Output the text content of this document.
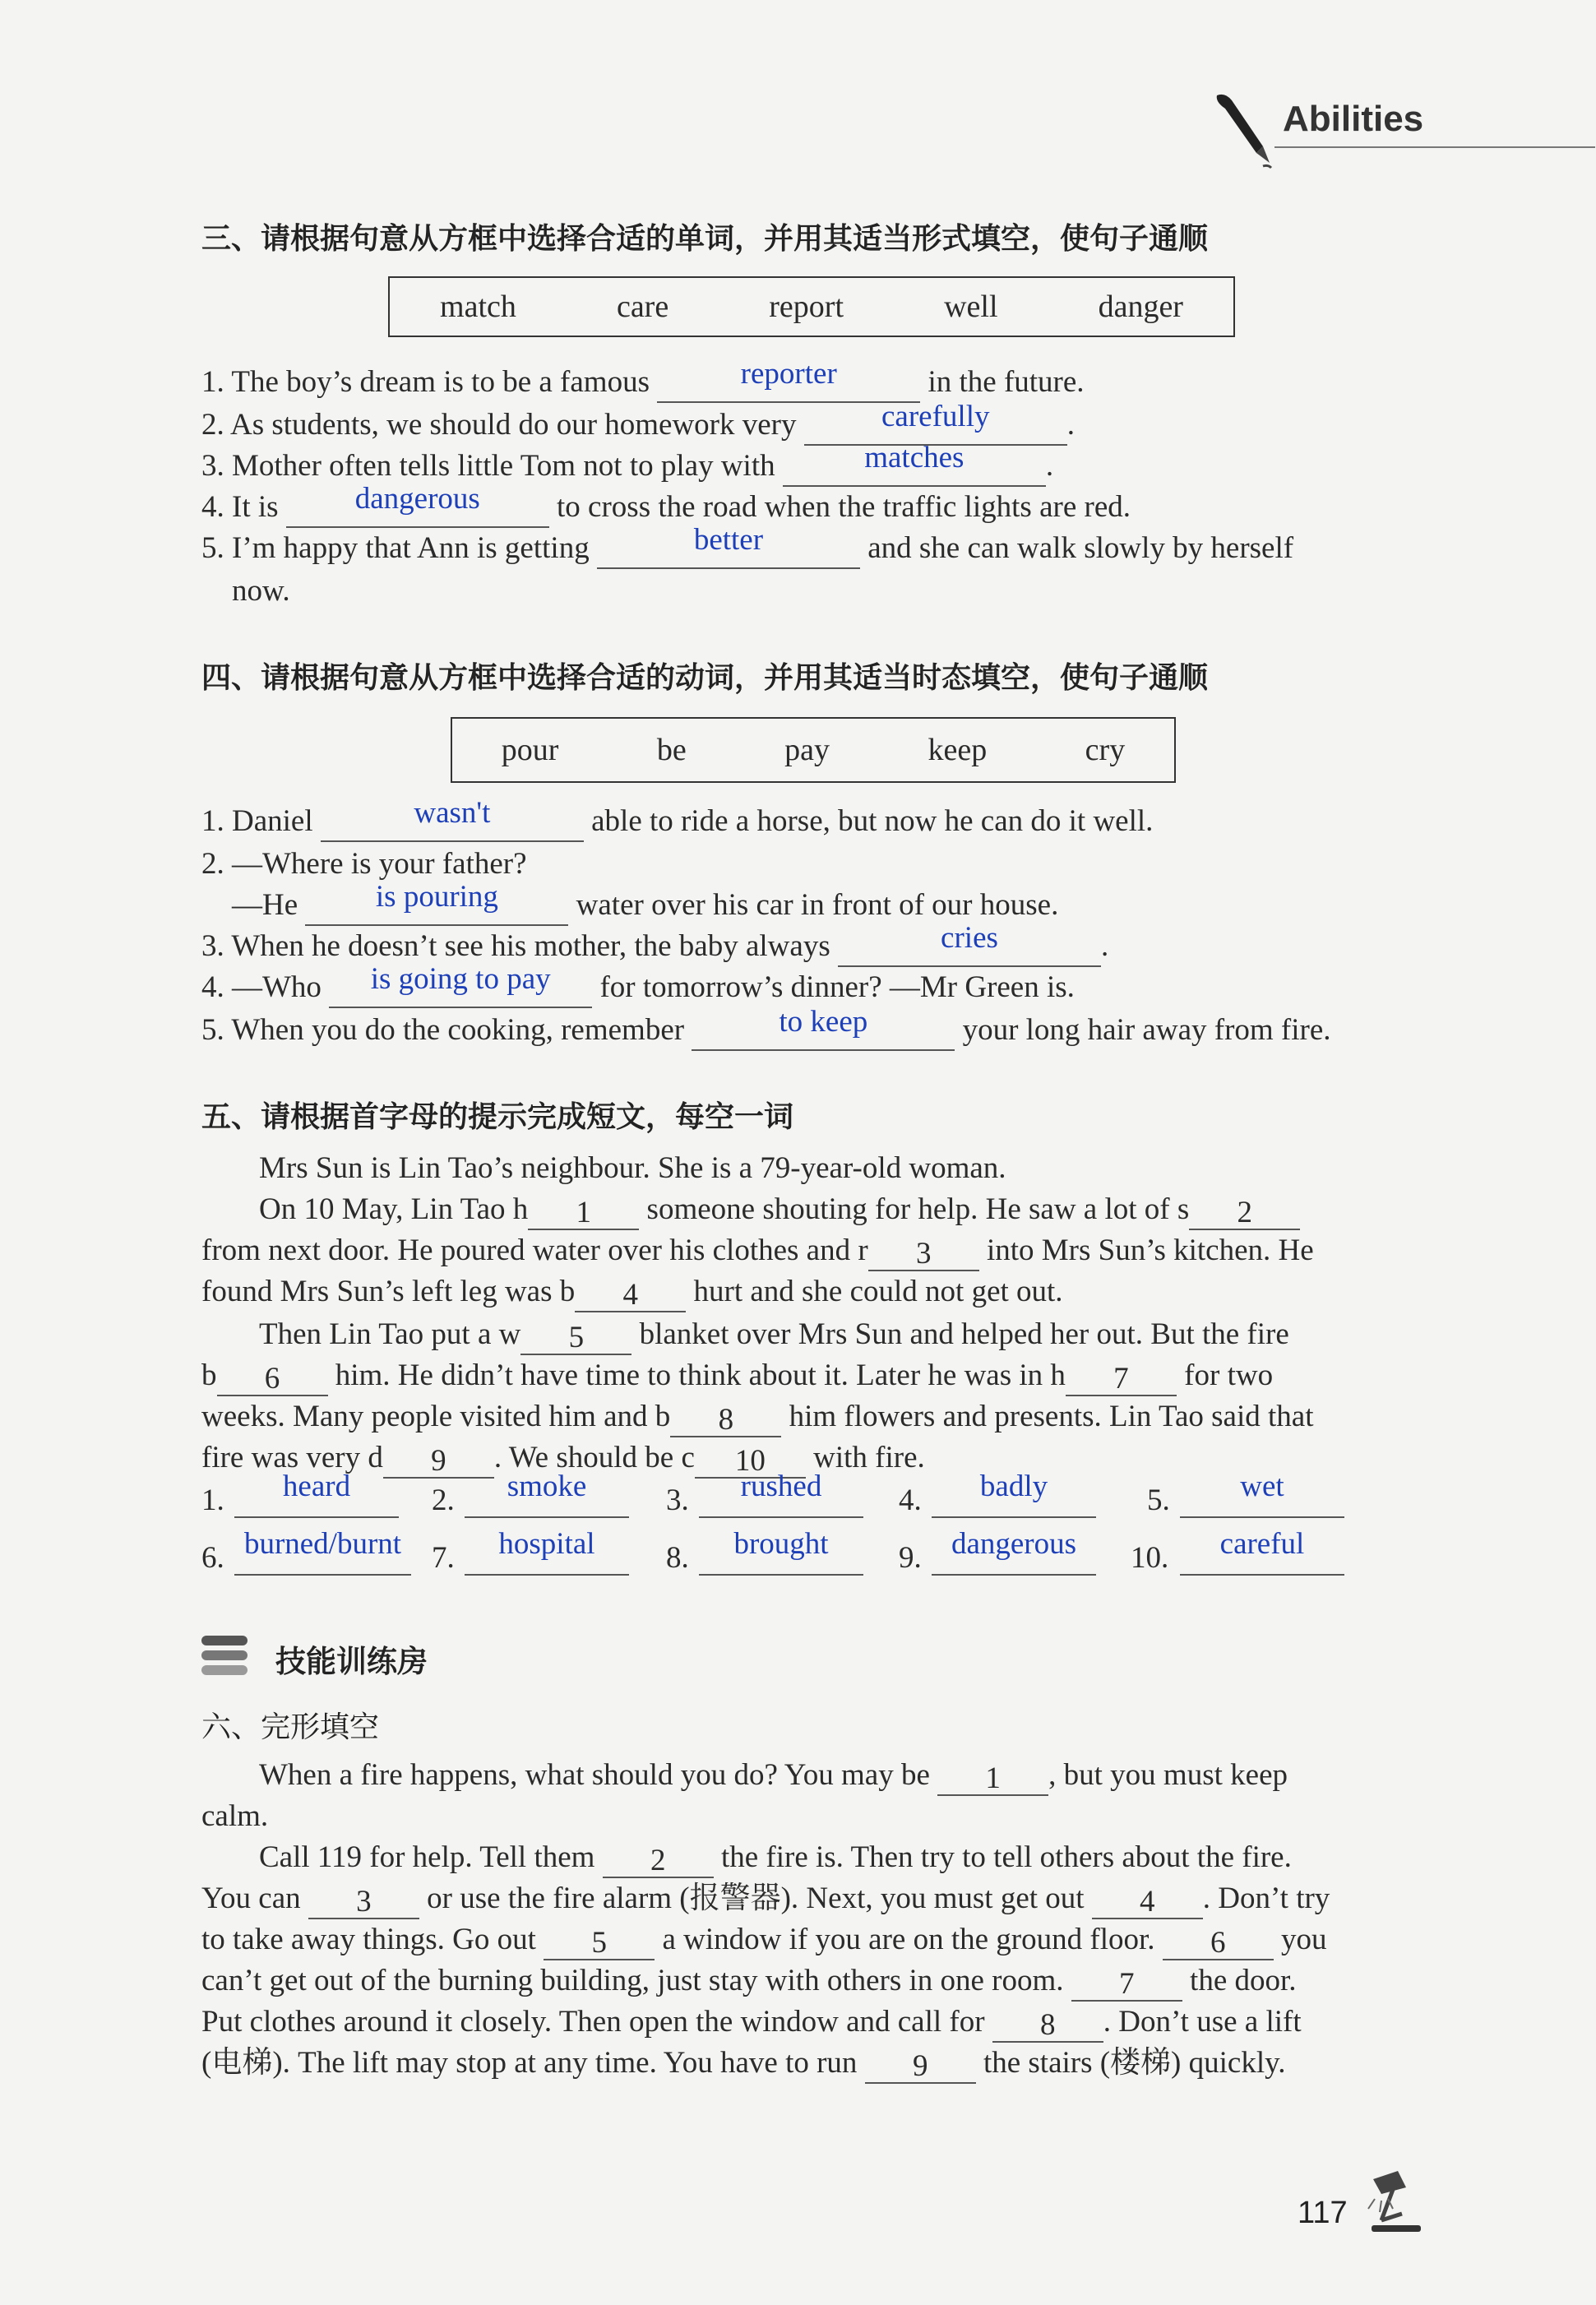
Abilities
三、请根据句意从方框中选择合适的单词，并用其适当形式填空，使句子通顺
match	care	report	well	danger
1. The boy’s dream is to be a famous	reporter	in the future.
2. As students, we should do our homework very	carefully	.
3. Mother often tells little Tom not to play with	matches	.
4. It is	dangerous	to cross the road when the traffic lights are red.
5. I’m happy that Ann is getting	better	and she can walk slowly by herself
now.
四、请根据句意从方框中选择合适的动词，并用其适当时态填空，使句子通顺
pour	be	pay	keep	cry
1. Daniel	wasn't	able to ride a horse, but now he can do it well.
2. —Where is your father?
—He	is pouring	water over his car in front of our house.
3. When he doesn’t see his mother, the baby always	cries	.
4. —Who	is going to pay	for tomorrow’s dinner? —Mr Green is.
5. When you do the cooking, remember	to keep	your long hair away from fire.
五、请根据首字母的提示完成短文，每空一词
Mrs Sun is Lin Tao’s neighbour. She is a 79-year-old woman.
On 10 May, Lin Tao h	1	someone shouting for help. He saw a lot of s	2
from next door. He poured water over his clothes and r	3	into Mrs Sun’s kitchen. He
found Mrs Sun’s left leg was b	4	hurt and she could not get out.
Then Lin Tao put a w	5	blanket over Mrs Sun and helped her out. But the fire
b	6	him. He didn’t have time to think about it. Later he was in h	7	for two
weeks. Many people visited him and b	8	him flowers and presents. Lin Tao said that
fire was very d	9	. We should be c	10	with fire.
1.	heard	2.	smoke	3.	rushed	4.	badly	5.	wet
6. burned/burnt 7.	hospital	8.	brought	9. dangerous	10.	careful
技能训练房
六、完形填空
When a fire happens, what should you do? You may be	1	, but you must keep
calm.
Call 119 for help. Tell them	2	the fire is. Then try to tell others about the fire.
You can	3	or use the fire alarm (报警器). Next, you must get out	4	. Don’t try
to take away things. Go out	5	a window if you are on the ground floor.	6	you
can’t get out of the burning building, just stay with others in one room.	7	the door.
Put clothes around it closely. Then open the window and call for	8	. Don’t use a lift
(电梯). The lift may stop at any time. You have to run	9	the stairs (楼梯) quickly.
117
